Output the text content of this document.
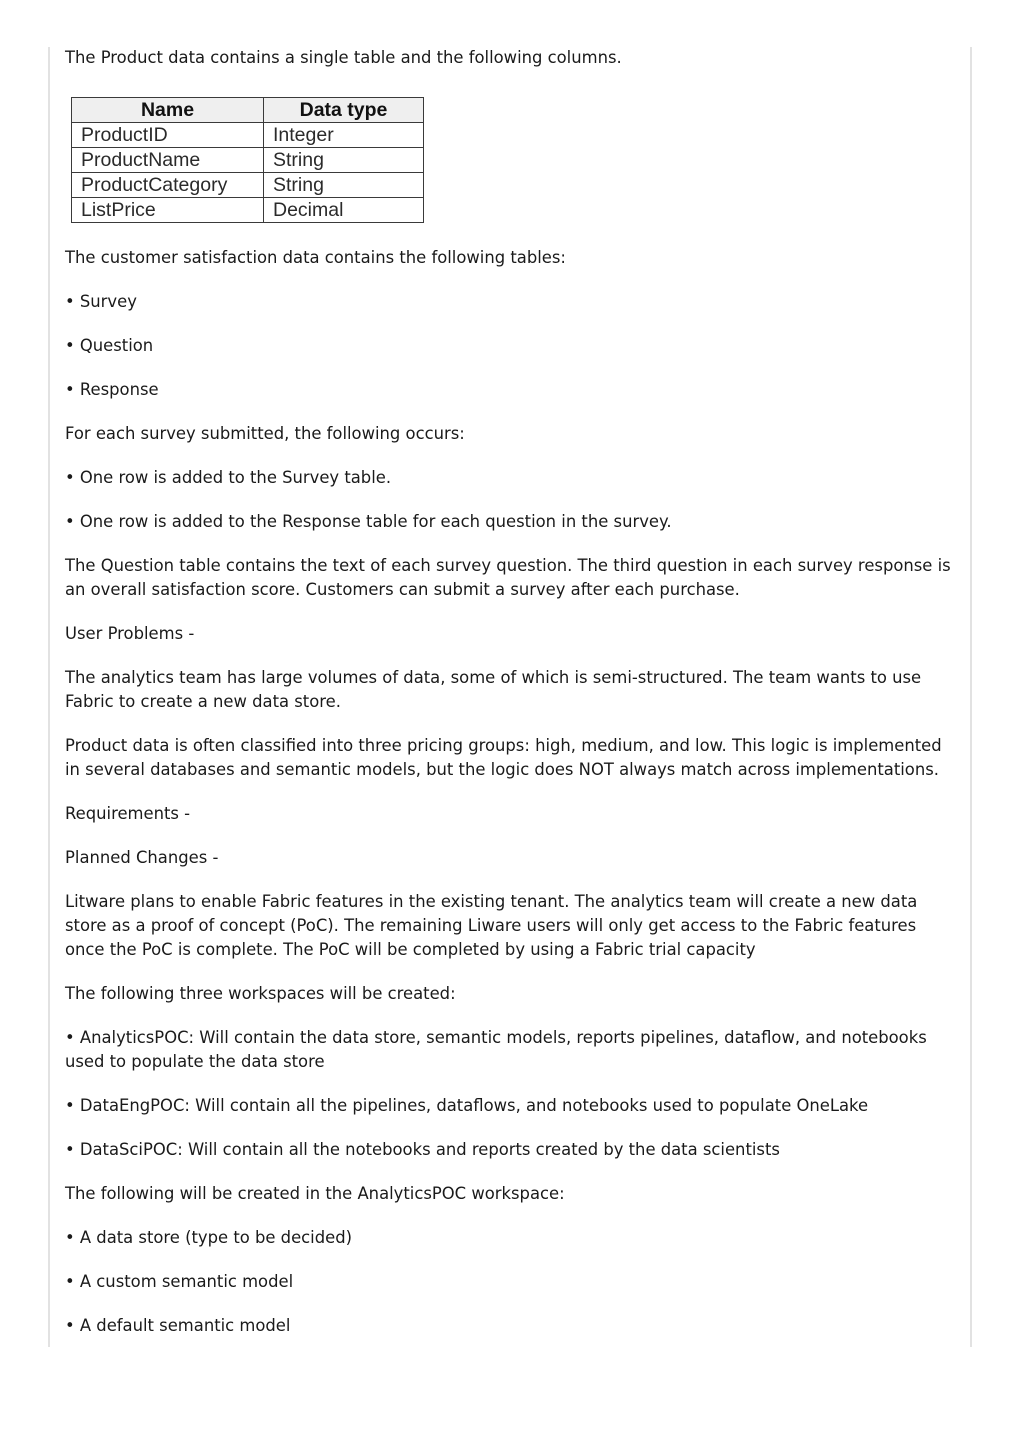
The Product data contains a single table and the following columns.

Name	Data type
ProductID	Integer
ProductName	String
ProductCategory	String
ListPrice	Decimal

The customer satisfaction data contains the following tables:

• Survey

• Question

• Response

For each survey submitted, the following occurs:

• One row is added to the Survey table.

• One row is added to the Response table for each question in the survey.

The Question table contains the text of each survey question. The third question in each survey response is an overall satisfaction score. Customers can submit a survey after each purchase.

User Problems -

The analytics team has large volumes of data, some of which is semi-structured. The team wants to use Fabric to create a new data store.

Product data is often classified into three pricing groups: high, medium, and low. This logic is implemented in several databases and semantic models, but the logic does NOT always match across implementations.

Requirements -

Planned Changes -

Litware plans to enable Fabric features in the existing tenant. The analytics team will create a new data store as a proof of concept (PoC). The remaining Liware users will only get access to the Fabric features once the PoC is complete. The PoC will be completed by using a Fabric trial capacity

The following three workspaces will be created:

• AnalyticsPOC: Will contain the data store, semantic models, reports pipelines, dataflow, and notebooks used to populate the data store

• DataEngPOC: Will contain all the pipelines, dataflows, and notebooks used to populate OneLake

• DataSciPOC: Will contain all the notebooks and reports created by the data scientists

The following will be created in the AnalyticsPOC workspace:

• A data store (type to be decided)

• A custom semantic model

• A default semantic model
